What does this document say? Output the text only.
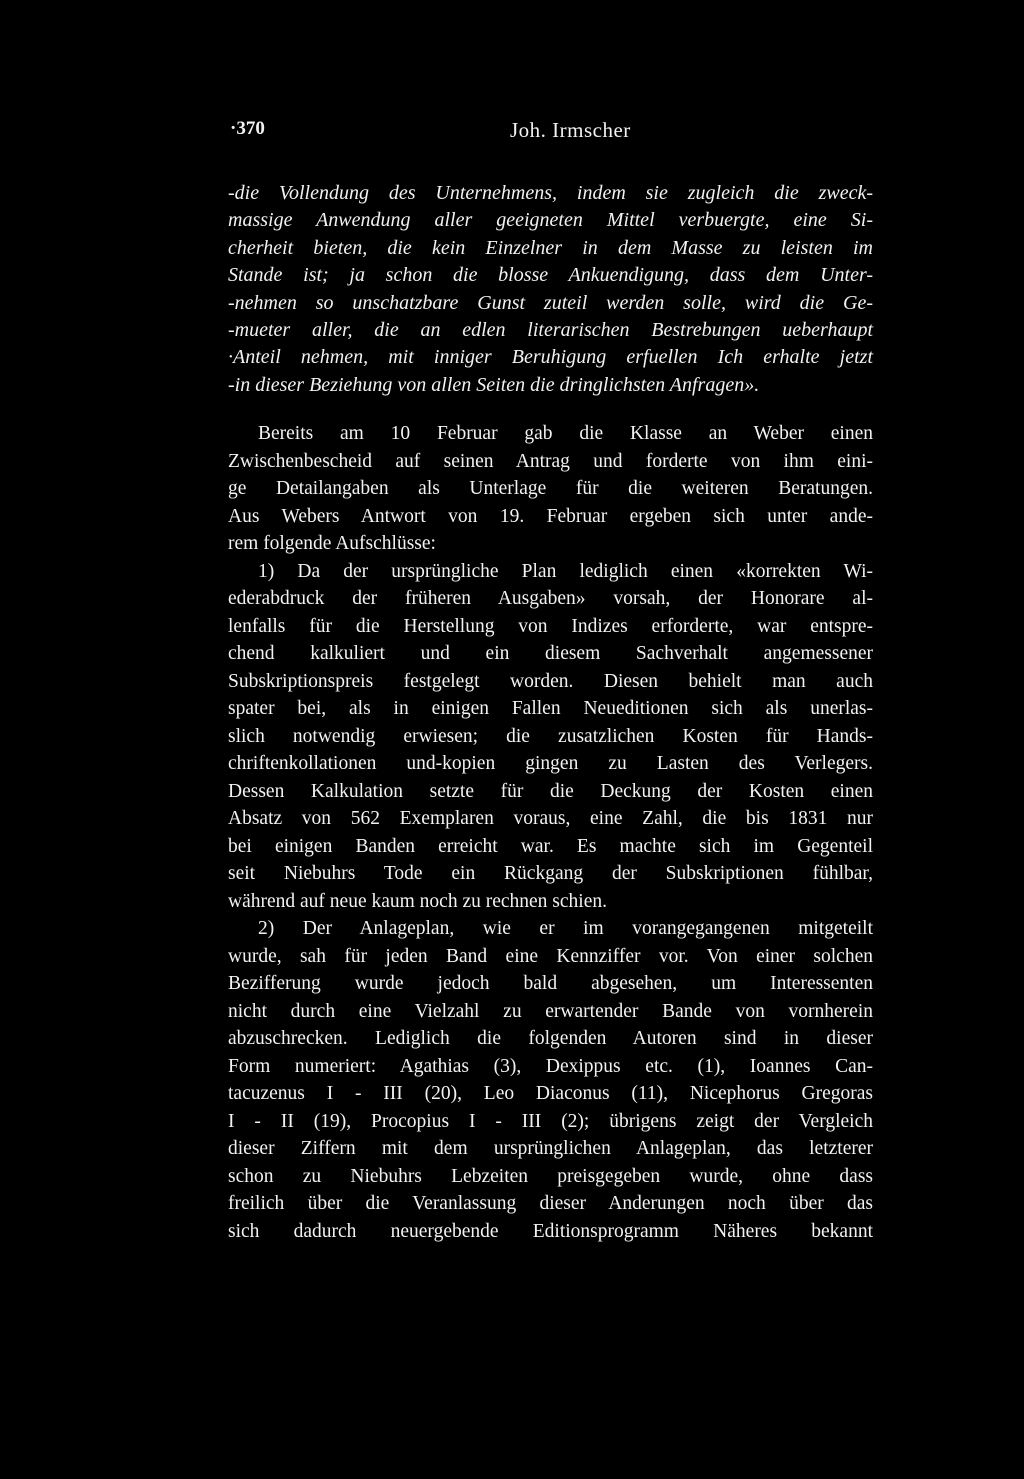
·370	Joh. Irmscher
-die Vollendung des Unternehmens, indem sie zugleich die zweck-
massige Anwendung aller geeigneten Mittel verbuergte, eine Si-
cherheit bieten, die kein Einzelner in dem Masse zu leisten im
Stande ist; ja schon die blosse Ankuendigung, dass dem Unter-
-nehmen so unschatzbare Gunst zuteil werden solle, wird die Ge-
-mueter aller, die an edlen literarischen Bestrebungen ueberhaupt
·Anteil nehmen, mit inniger Beruhigung erfuellen Ich erhalte jetzt
-in dieser Beziehung von allen Seiten die dringlichsten Anfragen».
Bereits am 10 Februar gab die Klasse an Weber einen
Zwischenbescheid auf seinen Antrag und forderte von ihm eini-
ge Detailangaben als Unterlage für die weiteren Beratungen.
Aus Webers Antwort von 19. Februar ergeben sich unter ande-
rem folgende Aufschlüsse:
1) Da der ursprüngliche Plan lediglich einen «korrekten Wi-
ederabdruck der früheren Ausgaben» vorsah, der Honorare al-
lenfalls für die Herstellung von Indizes erforderte, war entspre-
chend kalkuliert und ein diesem Sachverhalt angemessener
Subskriptionspreis festgelegt worden. Diesen behielt man auch
spater bei, als in einigen Fallen Neueditionen sich als unerlas-
slich notwendig erwiesen; die zusatzlichen Kosten für Hands-
chriftenkollationen und-kopien gingen zu Lasten des Verlegers.
Dessen Kalkulation setzte für die Deckung der Kosten einen
Absatz von 562 Exemplaren voraus, eine Zahl, die bis 1831 nur
bei einigen Banden erreicht war. Es machte sich im Gegenteil
seit Niebuhrs Tode ein Rückgang der Subskriptionen fühlbar,
während auf neue kaum noch zu rechnen schien.
2) Der Anlageplan, wie er im vorangegangenen mitgeteilt
wurde, sah für jeden Band eine Kennziffer vor. Von einer solchen
Bezifferung wurde jedoch bald abgesehen, um Interessenten
nicht durch eine Vielzahl zu erwartender Bande von vornherein
abzuschrecken. Lediglich die folgenden Autoren sind in dieser
Form numeriert: Agathias (3), Dexippus etc. (1), Ioannes Can-
tacuzenus I - III (20), Leo Diaconus (11), Nicephorus Gregoras
I - II (19), Procopius I - III (2); übrigens zeigt der Vergleich
dieser Ziffern mit dem ursprünglichen Anlageplan, das letzterer
schon zu Niebuhrs Lebzeiten preisgegeben wurde, ohne dass
freilich über die Veranlassung dieser Anderungen noch über das
sich dadurch neuergebende Editionsprogramm Näheres bekannt
